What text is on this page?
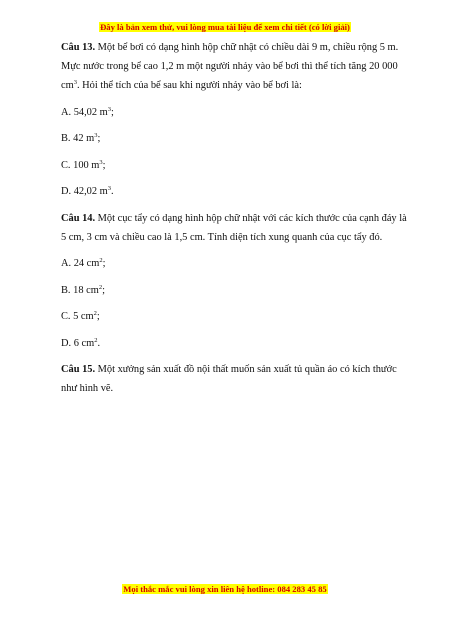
Đây là bản xem thử, vui lòng mua tài liệu để xem chi tiết (có lời giải)
Câu 13. Một bể bơi có dạng hình hộp chữ nhật có chiều dài 9 m, chiều rộng 5 m. Mực nước trong bể cao 1,2 m một người nhảy vào bể bơi thì thể tích tăng 20 000 $cm^3$. Hỏi thể tích của bể sau khi người nhảy vào bể bơi là:
A. 54,02 $m^3$;
B. 42 $m^3$;
C. 100 $m^3$;
D. 42,02 $m^3$.
Câu 14. Một cục tẩy có dạng hình hộp chữ nhật với các kích thước của cạnh đáy là 5 cm, 3 cm và chiều cao là 1,5 cm. Tính diện tích xung quanh của cục tẩy đó.
A. 24 $cm^2$;
B. 18 $cm^2$;
C. 5 $cm^2$;
D. 6 $cm^2$.
Câu 15. Một xưởng sản xuất đồ nội thất muốn sản xuất tủ quần áo có kích thước như hình vẽ.
Mọi thắc mắc vui lòng xin liên hệ hotline: 084 283 45 85
